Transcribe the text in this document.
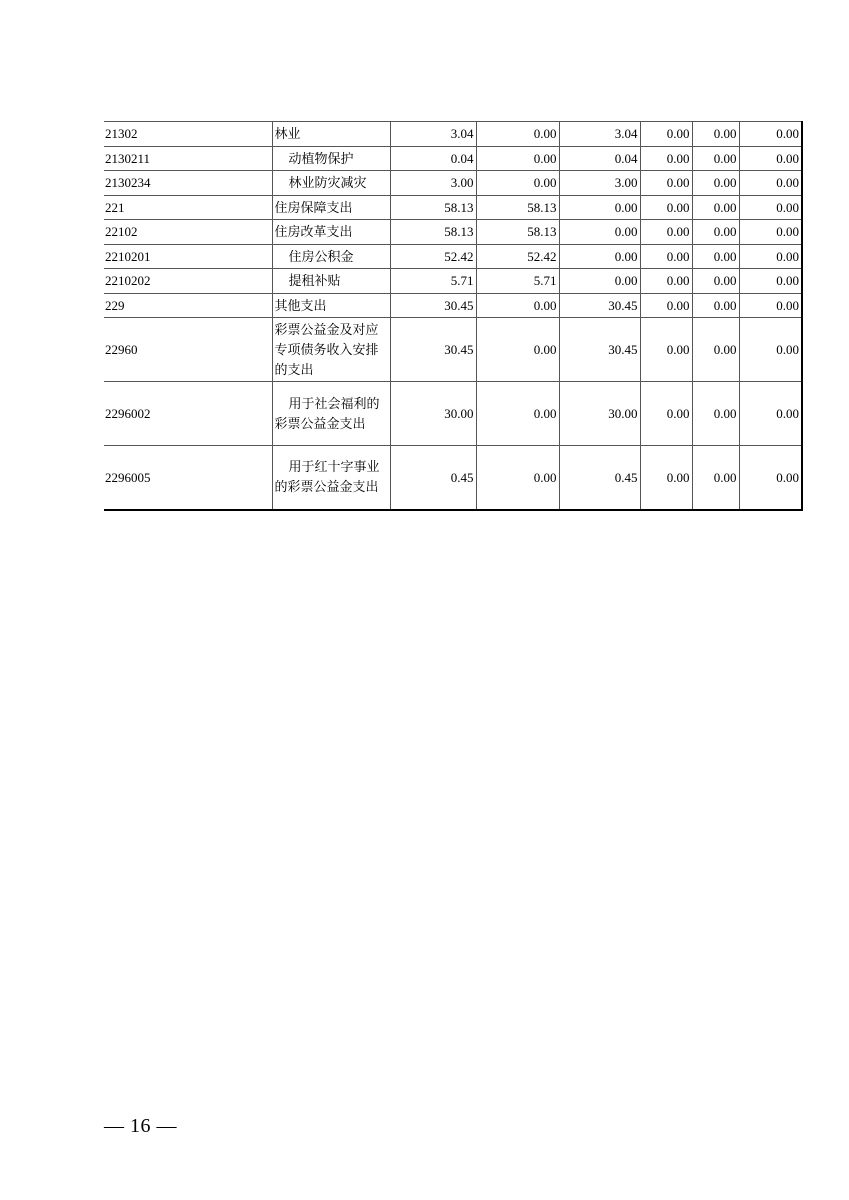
21302	林业	3.04	0.00	3.04	0.00	0.00	0.00
2130211	动植物保护	0.04	0.00	0.04	0.00	0.00	0.00
2130234	林业防灾减灾	3.00	0.00	3.00	0.00	0.00	0.00
221	住房保障支出	58.13	58.13	0.00	0.00	0.00	0.00
22102	住房改革支出	58.13	58.13	0.00	0.00	0.00	0.00
2210201	住房公积金	52.42	52.42	0.00	0.00	0.00	0.00
2210202	提租补贴	5.71	5.71	0.00	0.00	0.00	0.00
229	其他支出	30.45	0.00	30.45	0.00	0.00	0.00
22960	彩票公益金及对应专项债务收入安排的支出	30.45	0.00	30.45	0.00	0.00	0.00
2296002	用于社会福利的彩票公益金支出	30.00	0.00	30.00	0.00	0.00	0.00
2296005	用于红十字事业的彩票公益金支出	0.45	0.00	0.45	0.00	0.00	0.00
— 16 —
